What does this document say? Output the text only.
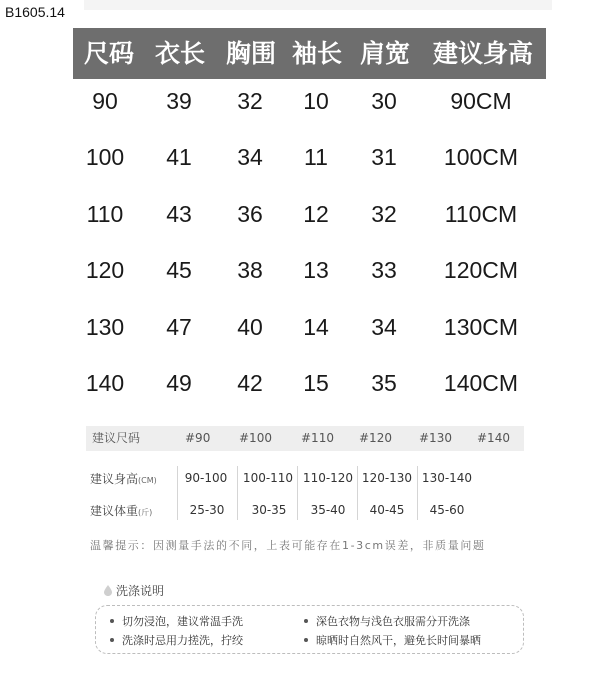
B1605.14
尺码 衣长 胸围 袖长 肩宽 建议身高
90 39 32 10 30 90CM
100 41 34 11 31 100CM
110 43 36 12 32 110CM
120 45 38 13 33 120CM
130 47 40 14 34 130CM
140 49 42 15 35 140CM
建议尺码	#90 #100 #110 #120 #130 #140
建议身高(CM) 90-100 100-110 110-120 120-130 130-140
建议体重(斤)	25-30 30-35 35-40 40-45 45-60
温馨提示：因测量手法的不同，上表可能存在1-3cm误差，非质量问题
洗涤说明
切勿浸泡，建议常温手洗	深色衣物与浅色衣服需分开洗涤
洗涤时忌用力搓洗，拧绞	晾晒时自然风干，避免长时间暴晒
